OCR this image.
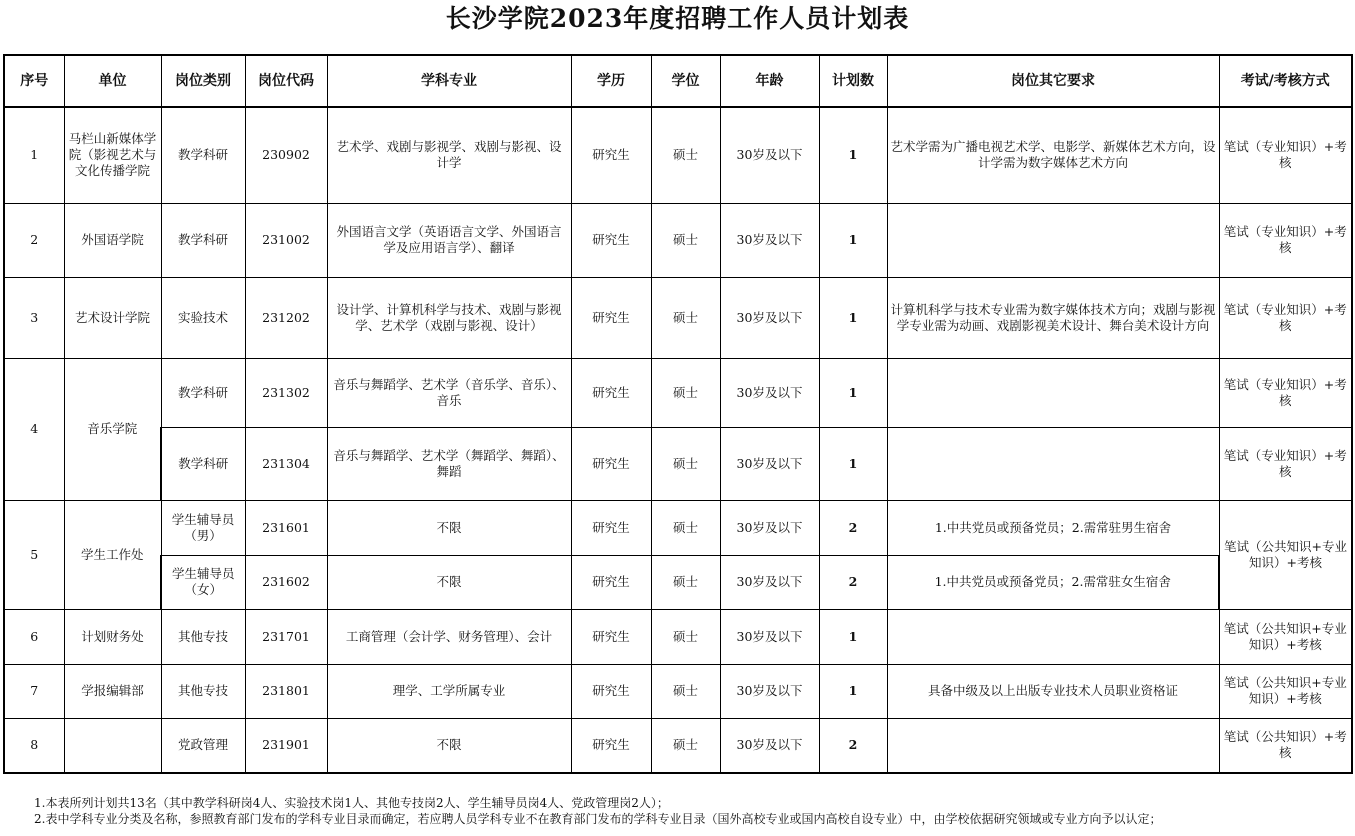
长沙学院2023年度招聘工作人员计划表
序号	单位	岗位类别	岗位代码	学科专业	学历	学位	年龄	计划数	岗位其它要求	考试/考核方式
1	马栏山新媒体学院（影视艺术与文化传播学院	教学科研	230902	艺术学、戏剧与影视学、戏剧与影视、设计学	研究生	硕士	30岁及以下	1	艺术学需为广播电视艺术学、电影学、新媒体艺术方向，设计学需为数字媒体艺术方向	笔试（专业知识）+考核
2	外国语学院	教学科研	231002	外国语言文学（英语语言文学、外国语言学及应用语言学）、翻译	研究生	硕士	30岁及以下	1		笔试（专业知识）+考核
3	艺术设计学院	实验技术	231202	设计学、计算机科学与技术、戏剧与影视学、艺术学（戏剧与影视、设计）	研究生	硕士	30岁及以下	1	计算机科学与技术专业需为数字媒体技术方向；戏剧与影视学专业需为动画、戏剧影视美术设计、舞台美术设计方向	笔试（专业知识）+考核
4	音乐学院	教学科研	231302	音乐与舞蹈学、艺术学（音乐学、音乐）、音乐	研究生	硕士	30岁及以下	1		笔试（专业知识）+考核
		教学科研	231304	音乐与舞蹈学、艺术学（舞蹈学、舞蹈）、舞蹈	研究生	硕士	30岁及以下	1		笔试（专业知识）+考核
5	学生工作处	学生辅导员（男）	231601	不限	研究生	硕士	30岁及以下	2	1.中共党员或预备党员；2.需常驻男生宿舍	笔试（公共知识+专业知识）+考核
		学生辅导员（女）	231602	不限	研究生	硕士	30岁及以下	2	1.中共党员或预备党员；2.需常驻女生宿舍	
6	计划财务处	其他专技	231701	工商管理（会计学、财务管理）、会计	研究生	硕士	30岁及以下	1		笔试（公共知识+专业知识）+考核
7	学报编辑部	其他专技	231801	理学、工学所属专业	研究生	硕士	30岁及以下	1	具备中级及以上出版专业技术人员职业资格证	笔试（公共知识+专业知识）+考核
8		党政管理	231901	不限	研究生	硕士	30岁及以下	2		笔试（公共知识）+考核
1.本表所列计划共13名（其中教学科研岗4人、实验技术岗1人、其他专技岗2人、学生辅导员岗4人、党政管理岗2人）；
2.表中学科专业分类及名称，参照教育部门发布的学科专业目录而确定，若应聘人员学科专业不在教育部门发布的学科专业目录（国外高校专业或国内高校自设专业）中，由学校依据研究领域或专业方向予以认定；
